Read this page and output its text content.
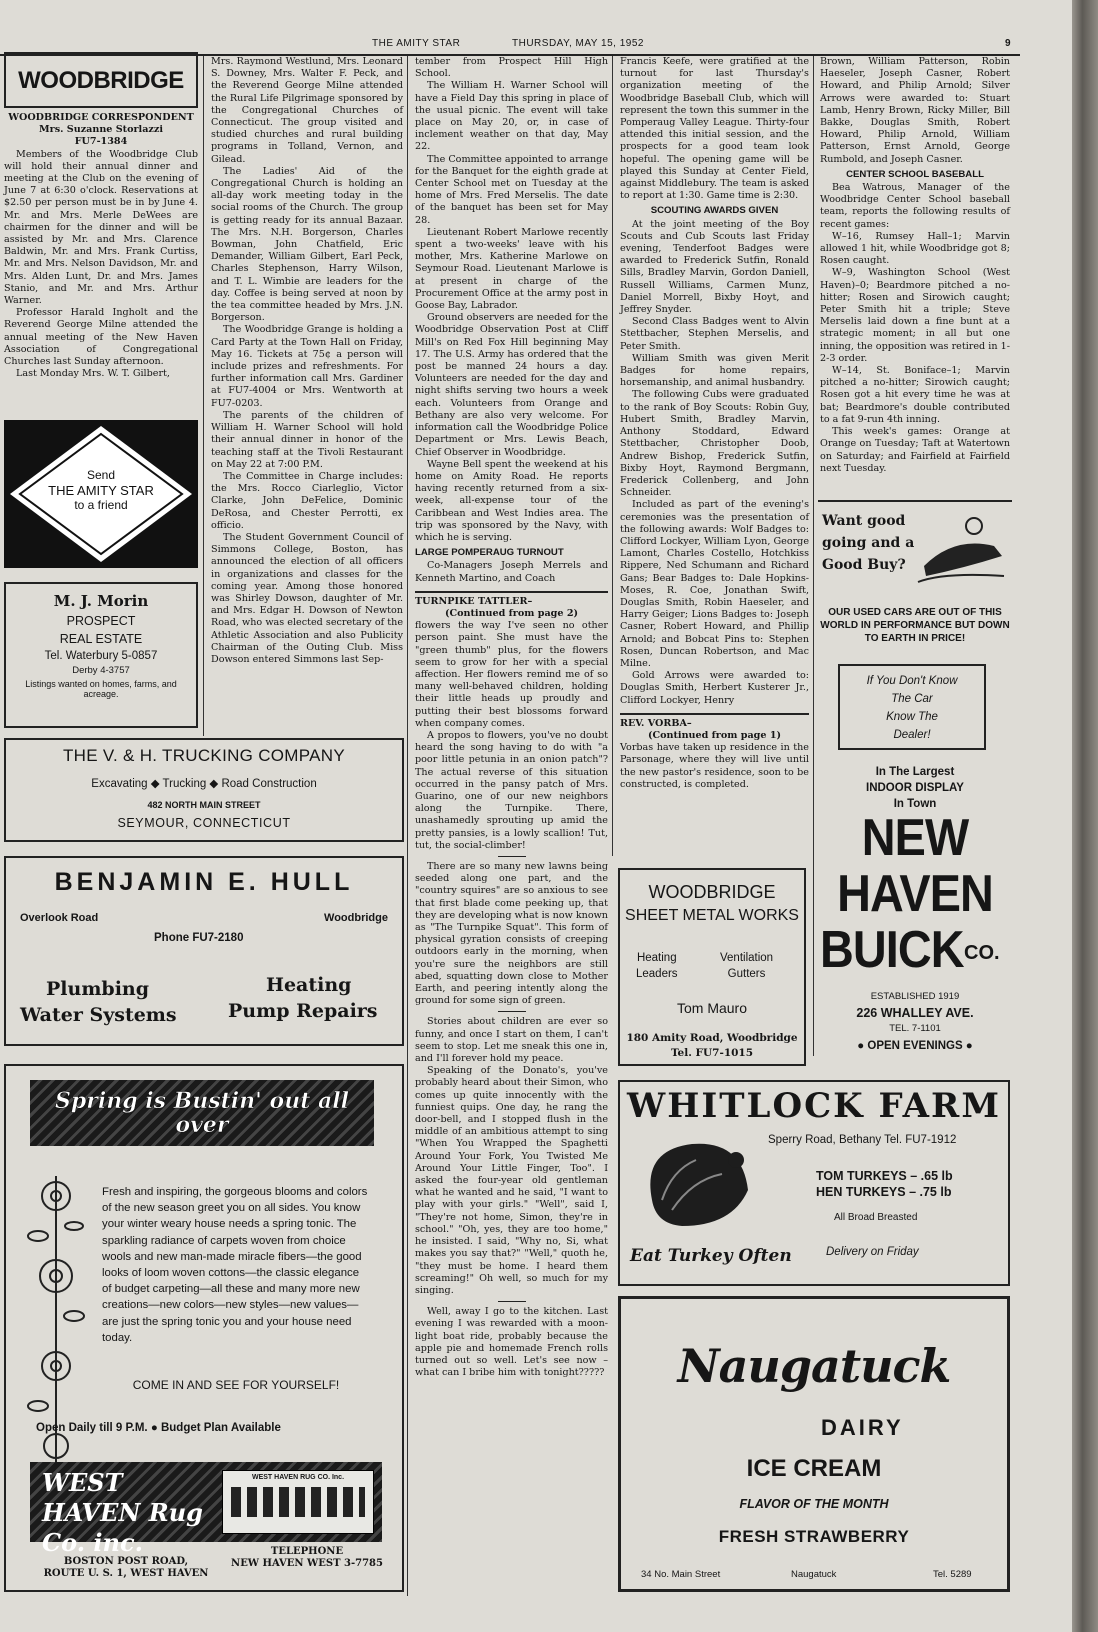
THE AMITY STAR	THURSDAY, MAY 15, 1952	9
WOODBRIDGE
WOODBRIDGE CORRESPONDENT
Mrs. Suzanne Storlazzi
FU7-1384

Members of the Woodbridge Club will hold their annual dinner and meeting at the Club on the evening of June 7 at 6:30 o'clock. Reservations at $2.50 per person must be in by June 4. Mr. and Mrs. Merle DeWees are chairmen for the dinner and will be assisted by Mr. and Mrs. Clarence Baldwin, Mr. and Mrs. Frank Curtiss, Mr. and Mrs. Nelson Davidson, Mr. and Mrs. Alden Lunt, Dr. and Mrs. James Stanio, and Mr. and Mrs. Arthur Warner.

Professor Harald Ingholt and the Reverend George Milne attended the annual meeting of the New Haven Association of Congregational Churches last Sunday afternoon.

Last Monday Mrs. W. T. Gilbert,

Send
THE AMITY STAR
to a friend
M. J. Morin
PROSPECT
REAL ESTATE
Tel. Waterbury 5-0857
Derby 4-3757
Listings wanted on homes, farms, and acreage.

Mrs. Raymond Westlund, Mrs. Leonard S. Downey, Mrs. Walter F. Peck, and the Reverend George Milne attended the Rural Life Pilgrimage sponsored by the Congregational Churches of Connecticut. The group visited and studied churches and rural building programs in Tolland, Vernon, and Gilead.

The Ladies' Aid of the Congregational Church is holding an all-day work meeting today in the social rooms of the Church. The group is getting ready for its annual Bazaar. The Mrs. N.H. Borgerson, Charles Bowman, John Chatfield, Eric Demander, William Gilbert, Earl Peck, Charles Stephenson, Harry Wilson, and T. L. Wimbie are leaders for the day. Coffee is being served at noon by the tea committee headed by Mrs. J.N. Borgerson.

The Woodbridge Grange is holding a Card Party at the Town Hall on Friday, May 16. Tickets at 75¢ a person will include prizes and refreshments. For further information call Mrs. Gardiner at FU7-4004 or Mrs. Wentworth at FU7-0203.

The parents of the children of William H. Warner School will hold their annual dinner in honor of the teaching staff at the Tivoli Restaurant on May 22 at 7:00 P.M.

The Committee in Charge includes: the Mrs. Rocco Ciarleglio, Victor Clarke, John DeFelice, Dominic DeRosa, and Chester Perrotti, ex officio.

The Student Government Council of Simmons College, Boston, has announced the election of all officers in organizations and classes for the coming year. Among those honored was Shirley Dowson, daughter of Mr. and Mrs. Edgar H. Dowson of Newton Road, who was elected secretary of the Athletic Association and also Publicity Chairman of the Outing Club. Miss Dowson entered Simmons last Sep-

THE V. & H. TRUCKING COMPANY
Excavating ◆ Trucking ◆ Road Construction
482 NORTH MAIN STREET
SEYMOUR, CONNECTICUT
BENJAMIN E. HULL
Overlook Road	Woodbridge
Phone FU7-2180
Plumbing
Water Systems
Heating
Pump Repairs
Spring is Bustin' out all over
Fresh and inspiring, the gorgeous blooms and colors of the new season greet you on all sides. You know your winter weary house needs a spring tonic. The sparkling radiance of carpets woven from choice wools and new man-made miracle fibers—the good looks of loom woven cottons—the classic elegance of budget carpeting—all these and many more new creations—new colors—new styles—new values—are just the spring tonic you and your house need today.
COME IN AND SEE FOR YOURSELF!
Open Daily till 9 P.M. ● Budget Plan Available
WEST HAVEN Rug Co. inc.
WEST HAVEN RUG CO. Inc.
BOSTON POST ROAD,
ROUTE U. S. 1, WEST HAVEN
TELEPHONE
NEW HAVEN WEST 3-7785

tember from Prospect Hill High School.

The William H. Warner School will have a Field Day this spring in place of the usual picnic. The event will take place on May 20, or, in case of inclement weather on that day, May 22.

The Committee appointed to arrange for the Banquet for the eighth grade at Center School met on Tuesday at the home of Mrs. Fred Merselis. The date of the banquet has been set for May 28.

Lieutenant Robert Marlowe recently spent a two-weeks' leave with his mother, Mrs. Katherine Marlowe on Seymour Road. Lieutenant Marlowe is at present in charge of the Procurement Office at the army post in Goose Bay, Labrador.

Ground observers are needed for the Woodbridge Observation Post at Cliff Mill's on Red Fox Hill beginning May 17. The U.S. Army has ordered that the post be manned 24 hours a day. Volunteers are needed for the day and night shifts serving two hours a week each. Volunteers from Orange and Bethany are also very welcome. For information call the Woodbridge Police Department or Mrs. Lewis Beach, Chief Observer in Woodbridge.

Wayne Bell spent the weekend at his home on Amity Road. He reports having recently returned from a six-week, all-expense tour of the Caribbean and West Indies area. The trip was sponsored by the Navy, with which he is serving.

LARGE POMPERAUG TURNOUT

Co-Managers Joseph Merrels and Kenneth Martino, and Coach

TURNPIKE TATTLER–
(Continued from page 2)

flowers the way I've seen no other person paint. She must have the "green thumb" plus, for the flowers seem to grow for her with a special affection. Her flowers remind me of so many well-behaved children, holding their little heads up proudly and putting their best blossoms forward when company comes.

A propos to flowers, you've no doubt heard the song having to do with "a poor little petunia in an onion patch"? The actual reverse of this situation occurred in the pansy patch of Mrs. Guarino, one of our new neighbors along the Turnpike. There, unashamedly sprouting up amid the pretty pansies, is a lowly scallion! Tut, tut, the social-climber!

There are so many new lawns being seeded along one part, and the "country squires" are so anxious to see that first blade come peeking up, that they are developing what is now known as "The Turnpike Squat". This form of physical gyration consists of creeping outdoors early in the morning, when you're sure the neighbors are still abed, squatting down close to Mother Earth, and peering intently along the ground for some sign of green.

Stories about children are ever so funny, and once I start on them, I can't seem to stop. Let me sneak this one in, and I'll forever hold my peace.

Speaking of the Donato's, you've probably heard about their Simon, who comes up quite innocently with the funniest quips. One day, he rang the door-bell, and I stopped flush in the middle of an ambitious attempt to sing "When You Wrapped the Spaghetti Around Your Fork, You Twisted Me Around Your Little Finger, Too". I asked the four-year old gentleman what he wanted and he said, "I want to play with your girls." "Well", said I, "They're not home, Simon, they're in school." "Oh, yes, they are too home," he insisted. I said, "Why no, Si, what makes you say that?" "Well," quoth he, "they must be home. I heard them screaming!" Oh well, so much for my singing.

Well, away I go to the kitchen. Last evening I was rewarded with a moon-light boat ride, probably because the apple pie and homemade French rolls turned out so well. Let's see now – what can I bribe him with tonight?????

Francis Keefe, were gratified at the turnout for last Thursday's organization meeting of the Woodbridge Baseball Club, which will represent the town this summer in the Pomperaug Valley League. Thirty-four attended this initial session, and the prospects for a good team look hopeful. The opening game will be played this Sunday at Center Field, against Middlebury. The team is asked to report at 1:30. Game time is 2:30.

SCOUTING AWARDS GIVEN

At the joint meeting of the Boy Scouts and Cub Scouts last Friday evening, Tenderfoot Badges were awarded to Frederick Sutfin, Ronald Sills, Bradley Marvin, Gordon Daniell, Russell Williams, Carmen Munz, Daniel Morrell, Bixby Hoyt, and Jeffrey Snyder.

Second Class Badges went to Alvin Stettbacher, Stephen Merselis, and Peter Smith.

William Smith was given Merit Badges for home repairs, horsemanship, and animal husbandry.

The following Cubs were graduated to the rank of Boy Scouts: Robin Guy, Hubert Smith, Bradley Marvin, Anthony Stoddard, Edward Stettbacher, Christopher Doob, Andrew Bishop, Frederick Sutfin, Bixby Hoyt, Raymond Bergmann, Frederick Collenberg, and John Schneider.

Included as part of the evening's ceremonies was the presentation of the following awards: Wolf Badges to: Clifford Lockyer, William Lyon, George Lamont, Charles Costello, Hotchkiss Rippere, Ned Schumann and Richard Gans; Bear Badges to: Dale Hopkins-Moses, R. Coe, Jonathan Swift, Douglas Smith, Robin Haeseler, and Harry Geiger; Lions Badges to: Joseph Casner, Robert Howard, and Phillip Arnold; and Bobcat Pins to: Stephen Rosen, Duncan Robertson, and Mac Milne.

Gold Arrows were awarded to: Douglas Smith, Herbert Kusterer Jr., Clifford Lockyer, Henry

REV. VORBA–
(Continued from page 1)

Vorbas have taken up residence in the Parsonage, where they will live until the new pastor's residence, soon to be constructed, is completed.

WOODBRIDGE
SHEET METAL WORKS
Heating
Leaders
Ventilation
Gutters
Tom Mauro
180 Amity Road, Woodbridge
Tel. FU7-1015

Brown, William Patterson, Robin Haeseler, Joseph Casner, Robert Howard, and Philip Arnold; Silver Arrows were awarded to: Stuart Lamb, Henry Brown, Ricky Miller, Bill Bakke, Douglas Smith, Robert Howard, Philip Arnold, William Patterson, Ernst Arnold, George Rumbold, and Joseph Casner.

CENTER SCHOOL BASEBALL

Bea Watrous, Manager of the Woodbridge Center School baseball team, reports the following results of recent games:

W–16, Rumsey Hall–1; Marvin allowed 1 hit, while Woodbridge got 8; Rosen caught.

W–9, Washington School (West Haven)–0; Beardmore pitched a no-hitter; Rosen and Sirowich caught; Peter Smith hit a triple; Steve Merselis laid down a fine bunt at a strategic moment; in all but one inning, the opposition was retired in 1-2-3 order.

W–14, St. Boniface–1; Marvin pitched a no-hitter; Sirowich caught; Rosen got a hit every time he was at bat; Beardmore's double contributed to a fat 9-run 4th inning.

This week's games: Orange at Orange on Tuesday; Taft at Watertown on Saturday; and Fairfield at Fairfield next Tuesday.

Want good
going and a
Good Buy?
OUR USED CARS ARE OUT OF THIS WORLD IN PERFORMANCE BUT DOWN TO EARTH IN PRICE!
If You Don't Know
The Car
Know The
Dealer!
In The Largest
INDOOR DISPLAY
In Town
NEW
HAVEN
BUICK CO.
ESTABLISHED 1919
226 WHALLEY AVE.
TEL. 7-1101
● OPEN EVENINGS ●
WHITLOCK FARM
Sperry Road, Bethany Tel. FU7-1912
Eat Turkey Often
TOM TURKEYS – .65 lb
HEN TURKEYS – .75 lb
All Broad Breasted
Delivery on Friday
Naugatuck
DAIRY
ICE CREAM
FLAVOR OF THE MONTH
FRESH STRAWBERRY
34 No. Main Street	Naugatuck	Tel. 5289
